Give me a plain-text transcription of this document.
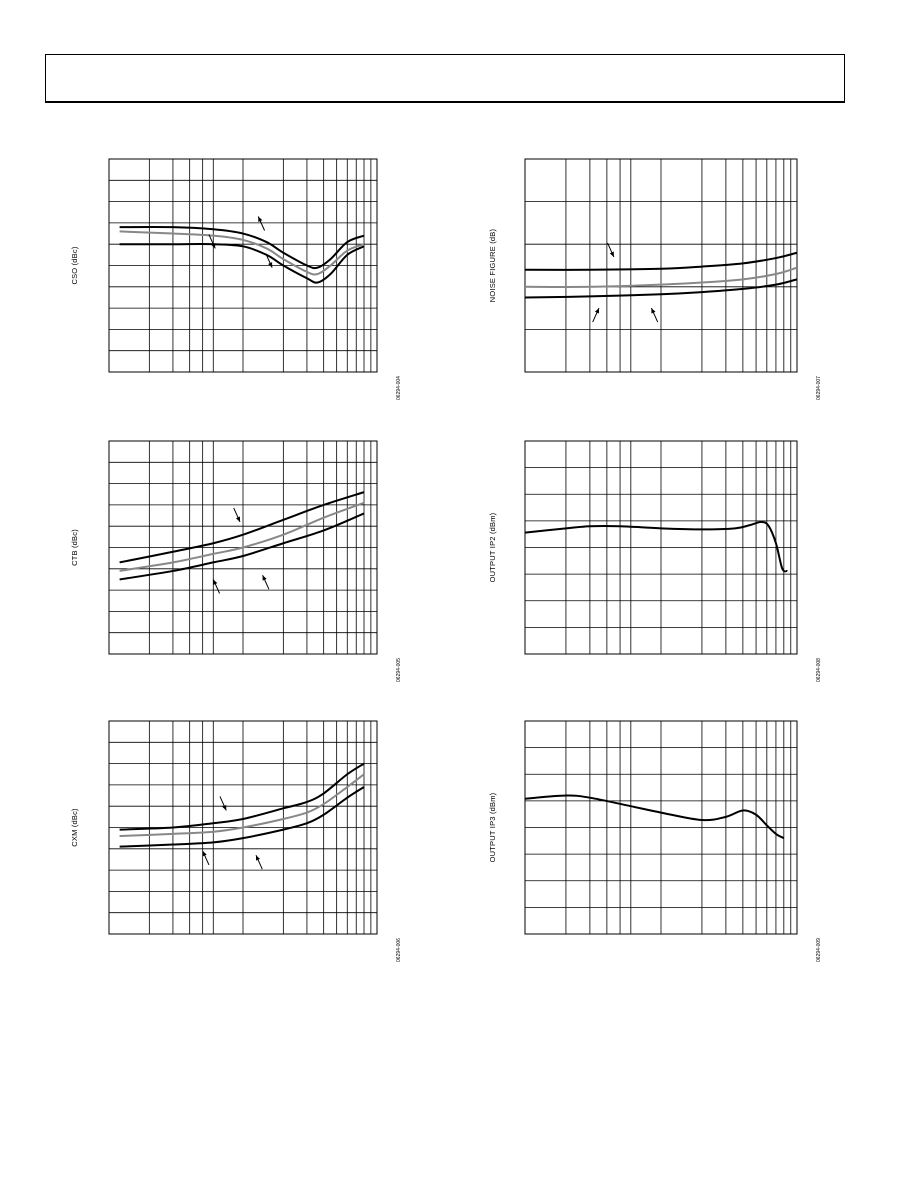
CSO (dBc)
06294-004
CTB (dBc)
06294-005
CXM (dBc)
06294-006
NOISE FIGURE (dB)
06294-007
OUTPUT IP2 (dBm)
06294-008
OUTPUT IP3 (dBm)
06294-009
